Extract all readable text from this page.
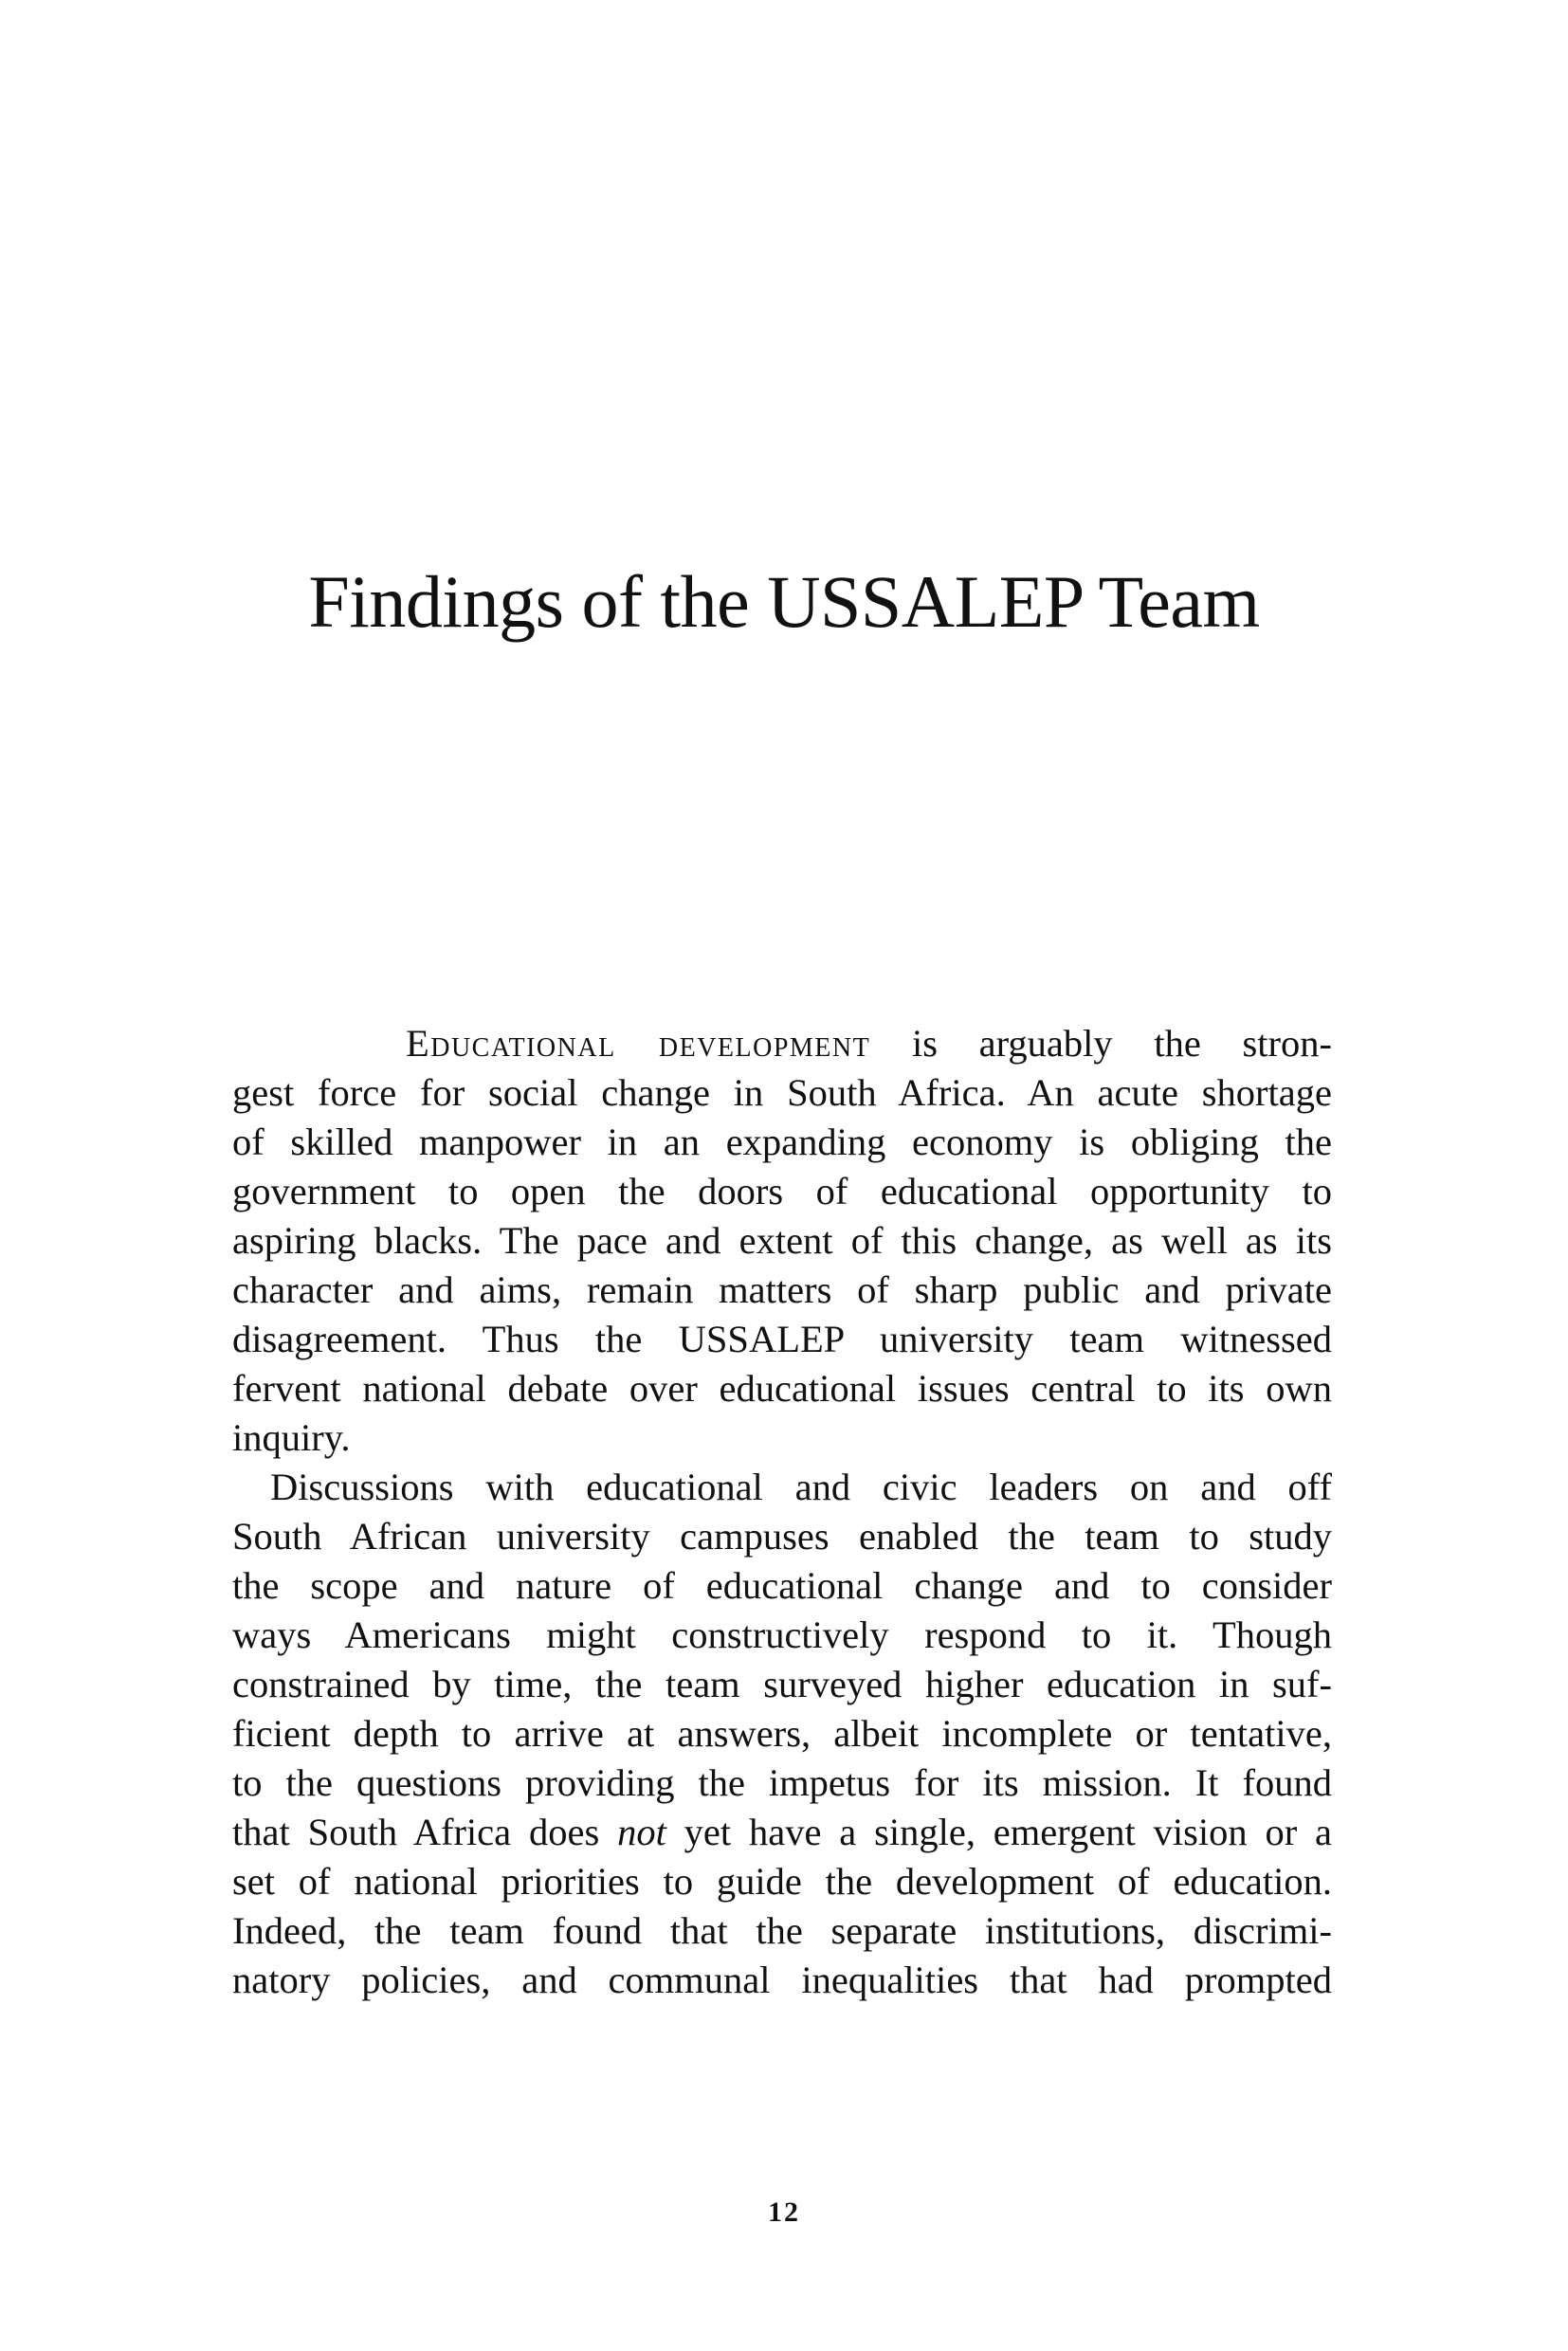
Findings of the USSALEP Team
Educational development is arguably the stron-
gest force for social change in South Africa. An acute shortage
of skilled manpower in an expanding economy is obliging the
government to open the doors of educational opportunity to
aspiring blacks. The pace and extent of this change, as well as its
character and aims, remain matters of sharp public and private
disagreement. Thus the USSALEP university team witnessed
fervent national debate over educational issues central to its own
inquiry.
Discussions with educational and civic leaders on and off
South African university campuses enabled the team to study
the scope and nature of educational change and to consider
ways Americans might constructively respond to it. Though
constrained by time, the team surveyed higher education in suf-
ficient depth to arrive at answers, albeit incomplete or tentative,
to the questions providing the impetus for its mission. It found
that South Africa does not yet have a single, emergent vision or a
set of national priorities to guide the development of education.
Indeed, the team found that the separate institutions, discrimi-
natory policies, and communal inequalities that had prompted
12
